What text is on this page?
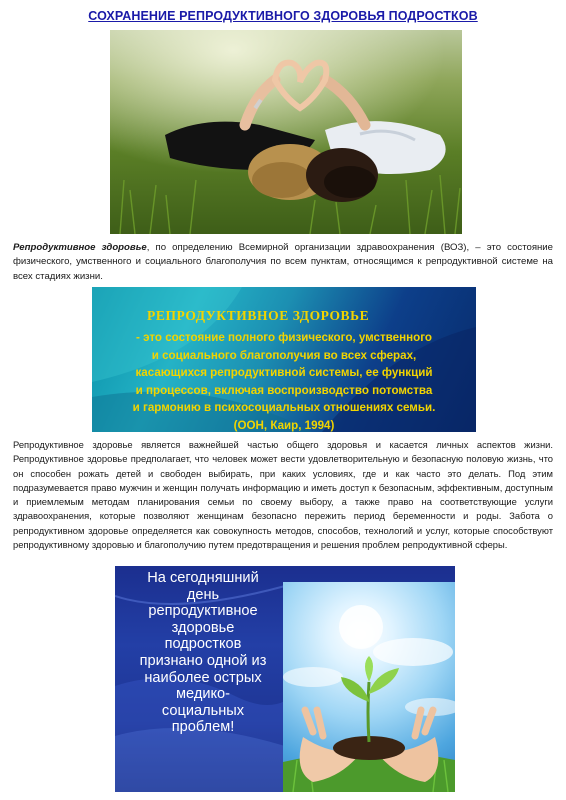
СОХРАНЕНИЕ РЕПРОДУКТИВНОГО ЗДОРОВЬЯ ПОДРОСТКОВ

Репродуктивное здоровье, по определению Всемирной организации здравоохранения (ВОЗ), – это состояние физического, умственного и социального благополучия по всем пунктам, относящимся к репродуктивной системе на всех стадиях жизни.

РЕПРОДУКТИВНОЕ ЗДОРОВЬЕ
- это состояние полного физического, умственного
и социального благополучия во всех сферах,
касающихся репродуктивной системы, ее функций
и процессов, включая воспроизводство потомства
и гармонию в психосоциальных отношениях семьи.
(ООН, Каир, 1994)

Репродуктивное здоровье является важнейшей частью общего здоровья и касается личных аспектов жизни. Репродуктивное здоровье предполагает, что человек может вести удовлетворительную и безопасную половую жизнь, что он способен рожать детей и свободен выбирать, при каких условиях, где и как часто это делать. Под этим подразумевается право мужчин и женщин получать информацию и иметь доступ к безопасным, эффективным, доступным и приемлемым методам планирования семьи по своему выбору, а также право на соответствующие услуги здравоохранения, которые позволяют женщинам безопасно пережить период беременности и роды. Забота о репродуктивном здоровье определяется как совокупность методов, способов, технологий и услуг, которые способствуют репродуктивному здоровью и благополучию путем предотвращения и решения проблем репродуктивной сферы.

На сегодняшний
день
репродуктивное
здоровье
подростков
признано одной из
наиболее острых
медико-
социальных
проблем!
